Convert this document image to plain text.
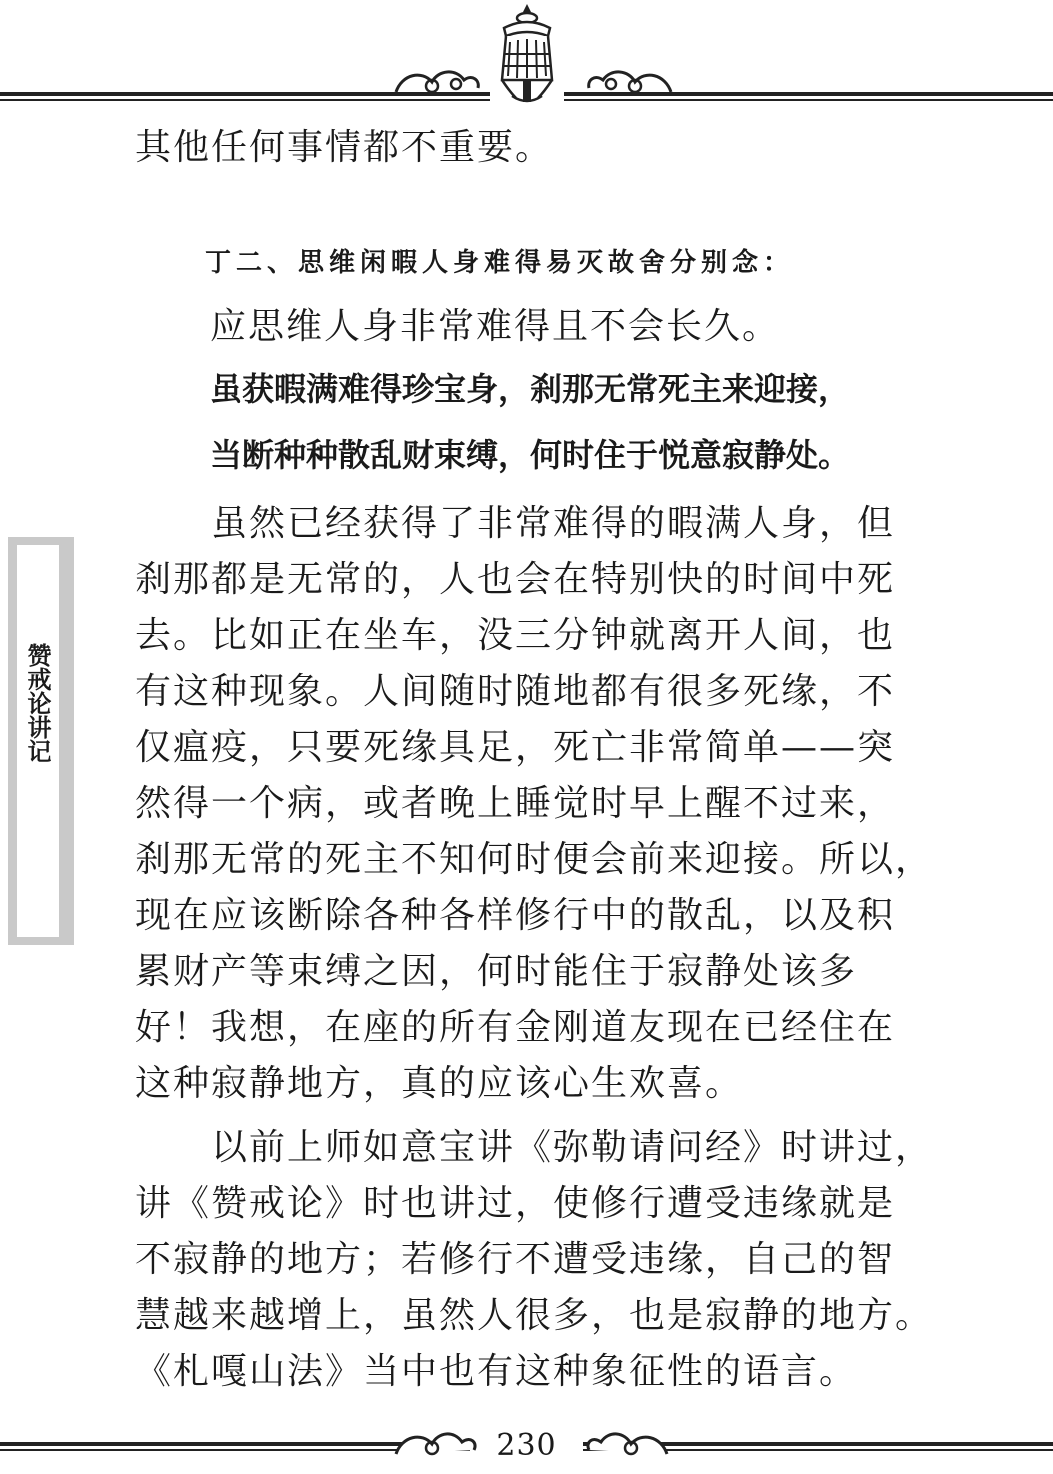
其他任何事情都不重要。
丁二、思维闲暇人身难得易灭故舍分别念：
应思维人身非常难得且不会长久。
虽获暇满难得珍宝身，刹那无常死主来迎接，
当断种种散乱财束缚，何时住于悦意寂静处。
　　虽然已经获得了非常难得的暇满人身，但
刹那都是无常的，人也会在特别快的时间中死
去。比如正在坐车，没三分钟就离开人间，也
有这种现象。人间随时随地都有很多死缘，不
仅瘟疫，只要死缘具足，死亡非常简单——突
然得一个病，或者晚上睡觉时早上醒不过来，
刹那无常的死主不知何时便会前来迎接。所以，
现在应该断除各种各样修行中的散乱，以及积
累财产等束缚之因，何时能住于寂静处该多
好！我想，在座的所有金刚道友现在已经住在
这种寂静地方，真的应该心生欢喜。
　　以前上师如意宝讲《弥勒请问经》时讲过，
讲《赞戒论》时也讲过，使修行遭受违缘就是
不寂静的地方；若修行不遭受违缘，自己的智
慧越来越增上，虽然人很多，也是寂静的地方。
《札嘎山法》当中也有这种象征性的语言。
赞戒论讲记
230
